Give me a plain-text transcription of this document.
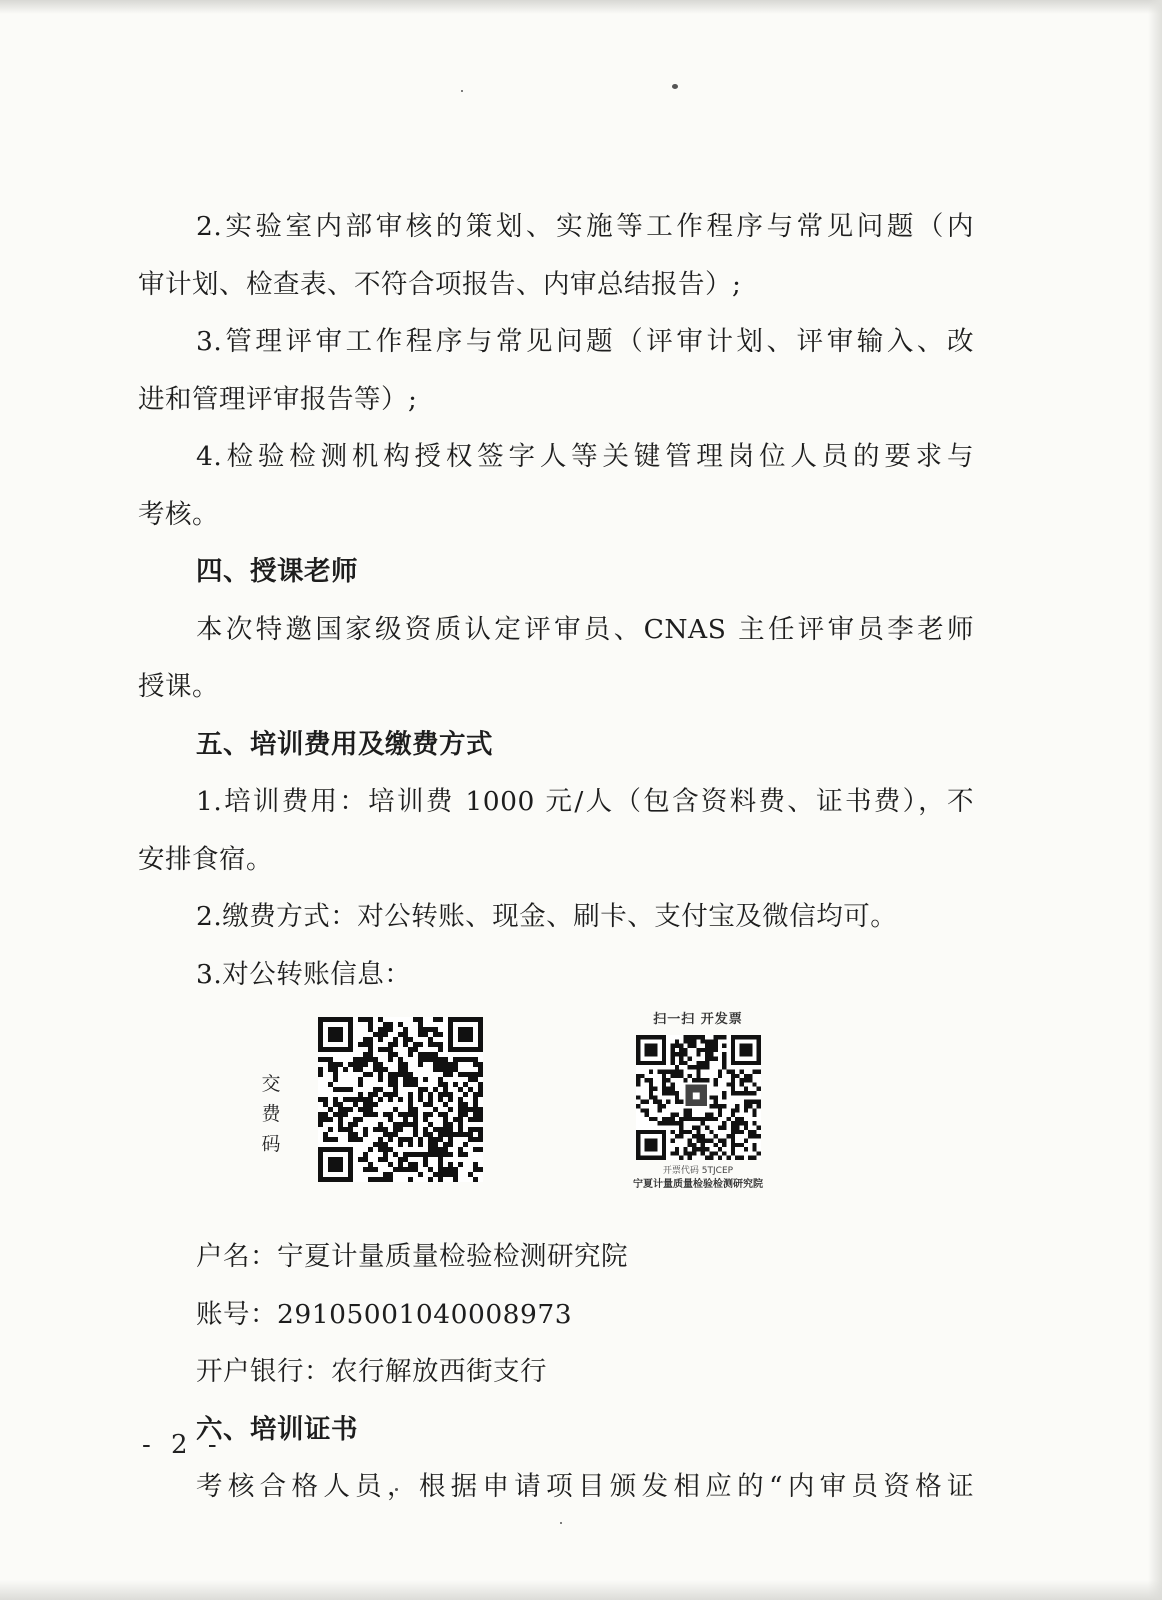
2.实验室内部审核的策划、实施等工作程序与常见问题（内
审计划、检查表、不符合项报告、内审总结报告）;
3.管理评审工作程序与常见问题（评审计划、评审输入、改
进和管理评审报告等）;
4.检验检测机构授权签字人等关键管理岗位人员的要求与
考核。
四、授课老师
本次特邀国家级资质认定评审员、CNAS 主任评审员李老师
授课。
五、培训费用及缴费方式
1.培训费用：培训费 1000 元/人（包含资料费、证书费），不
安排食宿。
2.缴费方式：对公转账、现金、刷卡、支付宝及微信均可。
3.对公转账信息：
交
费
码
扫一扫 开发票
▪
开票代码 5TJCEP
宁夏计量质量检验检测研究院
户名：宁夏计量质量检验检测研究院
账号：29105001040008973
开户银行：农行解放西街支行
六、培训证书
考核合格人员，根据申请项目颁发相应的“内审员资格证
- 2 -
